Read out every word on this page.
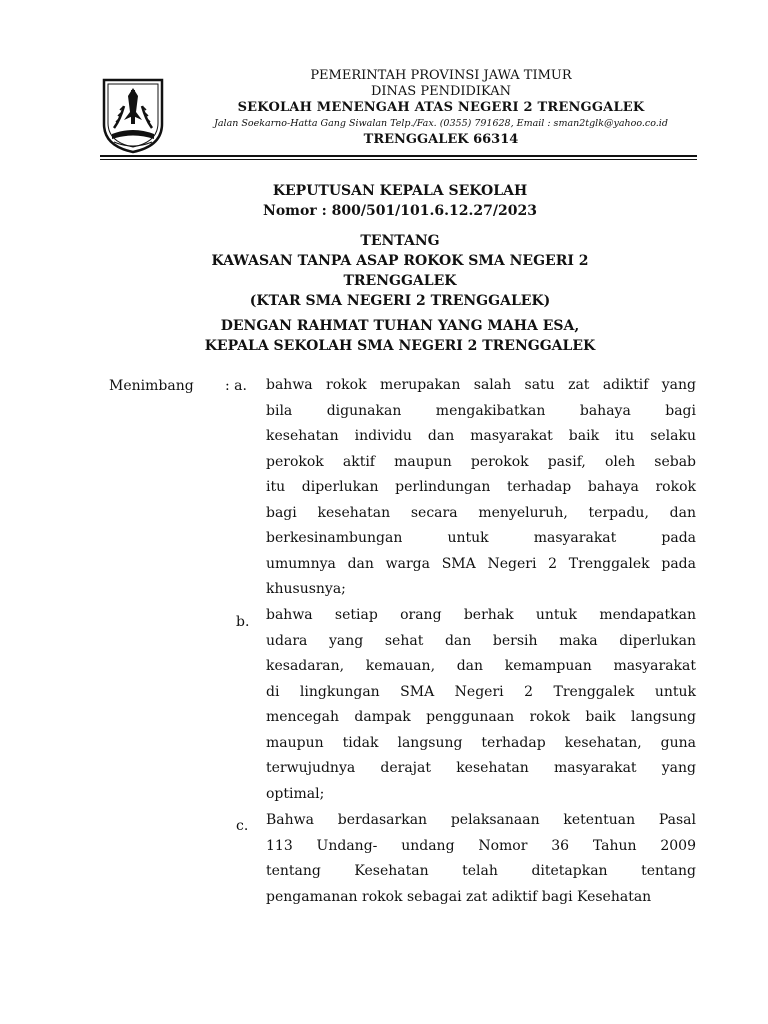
PEMERINTAH PROVINSI JAWA TIMUR
DINAS PENDIDIKAN
SEKOLAH MENENGAH ATAS NEGERI 2 TRENGGALEK
Jalan Soekarno-Hatta Gang Siwalan Telp./Fax. (0355) 791628, Email : sman2tglk@yahoo.co.id
TRENGGALEK 66314
KEPUTUSAN KEPALA SEKOLAH
Nomor : 800/501/101.6.12.27/2023
TENTANG
KAWASAN TANPA ASAP ROKOK SMA NEGERI 2
TRENGGALEK
(KTAR SMA NEGERI 2 TRENGGALEK)
DENGAN RAHMAT TUHAN YANG MAHA ESA,
KEPALA SEKOLAH SMA NEGERI 2 TRENGGALEK
Menimbang : a.
b.
c.
bahwa rokok merupakan salah satu zat adiktif yang
bila digunakan mengakibatkan bahaya bagi
kesehatan individu dan masyarakat baik itu selaku
perokok aktif maupun perokok pasif, oleh sebab
itu diperlukan perlindungan terhadap bahaya rokok
bagi kesehatan secara menyeluruh, terpadu, dan
berkesinambungan untuk masyarakat pada
umumnya dan warga SMA Negeri 2 Trenggalek pada
khususnya;
bahwa setiap orang berhak untuk mendapatkan
udara yang sehat dan bersih maka diperlukan
kesadaran, kemauan, dan kemampuan masyarakat
di lingkungan SMA Negeri 2 Trenggalek untuk
mencegah dampak penggunaan rokok baik langsung
maupun tidak langsung terhadap kesehatan, guna
terwujudnya derajat kesehatan masyarakat yang
optimal;
Bahwa berdasarkan pelaksanaan ketentuan Pasal
113 Undang- undang Nomor 36 Tahun 2009
tentang Kesehatan telah ditetapkan tentang
pengamanan rokok sebagai zat adiktif bagi Kesehatan
